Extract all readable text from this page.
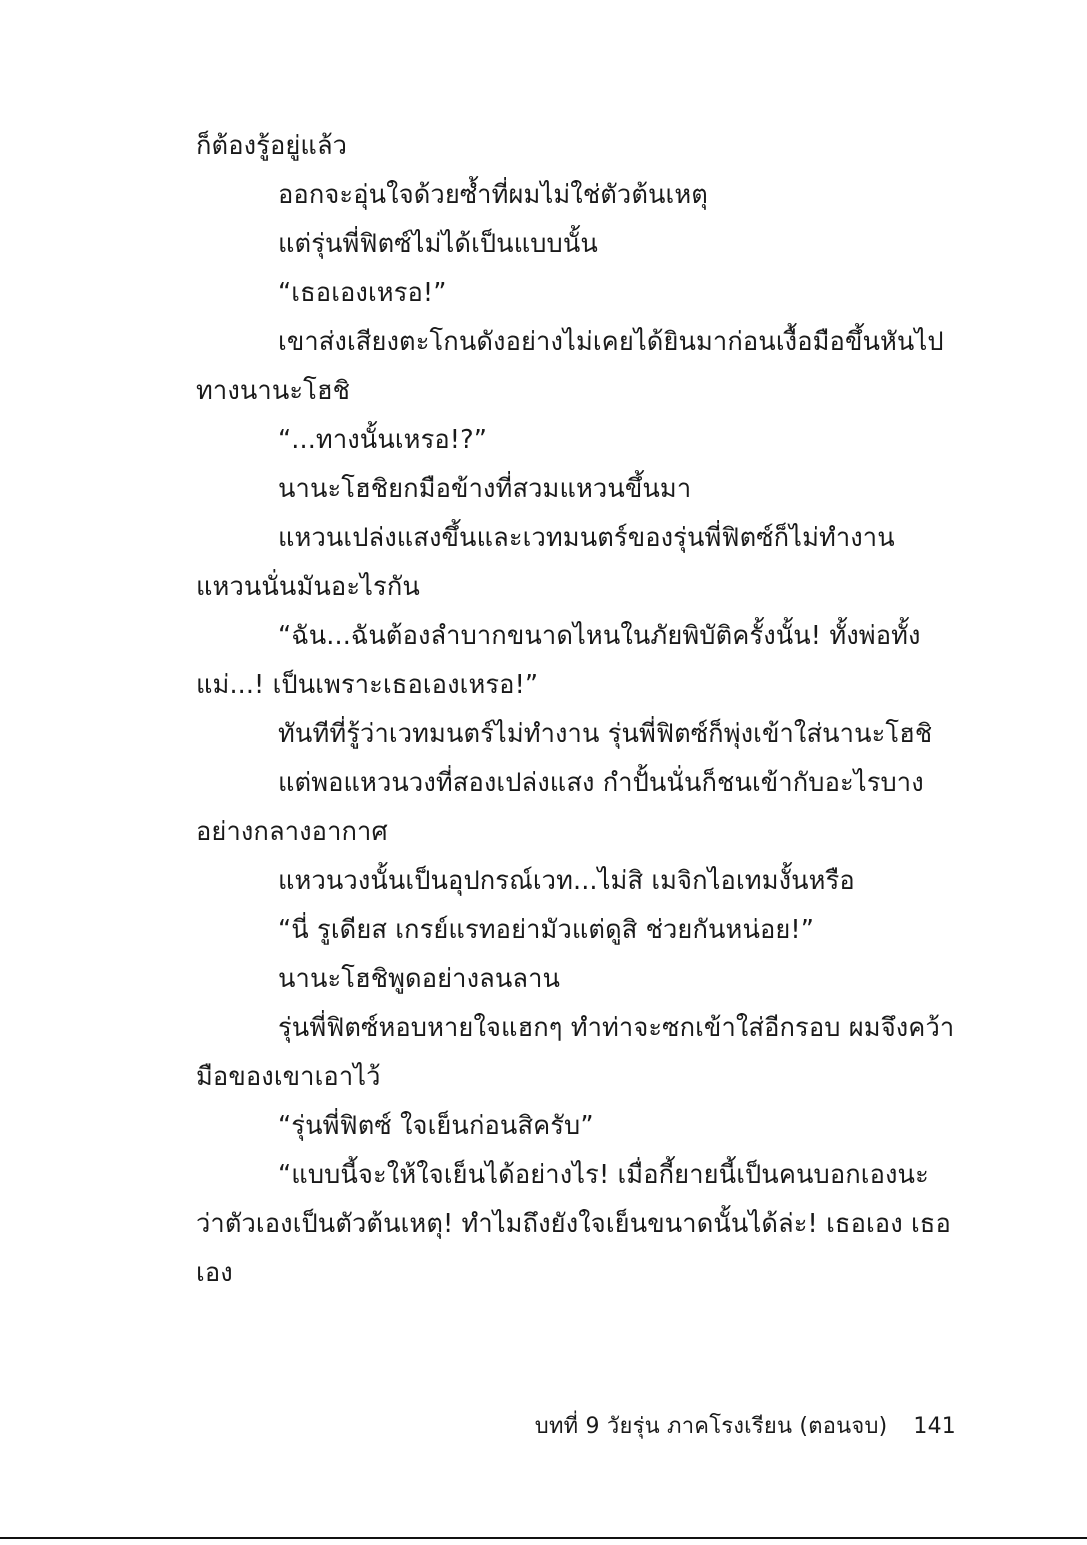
ก็ต้องรู้อยู่แล้ว

ออกจะอุ่นใจด้วยซ้ำที่ผมไม่ใช่ตัวต้นเหตุ

แต่รุ่นพี่ฟิตซ์ไม่ได้เป็นแบบนั้น

“เธอเองเหรอ!”

เขาส่งเสียงตะโกนดังอย่างไม่เคยได้ยินมาก่อนเงื้อมือขึ้นหันไปทางนานะโฮชิ

“...ทางนั้นเหรอ!?”

นานะโฮชิยกมือข้างที่สวมแหวนขึ้นมา

แหวนเปล่งแสงขึ้นและเวทมนตร์ของรุ่นพี่ฟิตซ์ก็ไม่ทำงาน แหวนนั่นมันอะไรกัน

“ฉัน...ฉันต้องลำบากขนาดไหนในภัยพิบัติครั้งนั้น! ทั้งพ่อทั้งแม่...! เป็นเพราะเธอเองเหรอ!”

ทันทีที่รู้ว่าเวทมนตร์ไม่ทำงาน รุ่นพี่ฟิตซ์ก็พุ่งเข้าใส่นานะโฮชิ

แต่พอแหวนวงที่สองเปล่งแสง กำปั้นนั่นก็ชนเข้ากับอะไรบางอย่างกลางอากาศ

แหวนวงนั้นเป็นอุปกรณ์เวท...ไม่สิ เมจิกไอเทมงั้นหรือ

“นี่ รูเดียส เกรย์แรทอย่ามัวแต่ดูสิ ช่วยกันหน่อย!”

นานะโฮชิพูดอย่างลนลาน

รุ่นพี่ฟิตซ์หอบหายใจแฮกๆ ทำท่าจะซกเข้าใส่อีกรอบ ผมจึงคว้ามือของเขาเอาไว้

“รุ่นพี่ฟิตซ์ ใจเย็นก่อนสิครับ”

“แบบนี้จะให้ใจเย็นได้อย่างไร! เมื่อกี้ยายนี้เป็นคนบอกเองนะว่าตัวเองเป็นตัวต้นเหตุ! ทำไมถึงยังใจเย็นขนาดนั้นได้ล่ะ! เธอเอง เธอเอง

บทที่ 9 วัยรุ่น ภาคโรงเรียน (ตอนจบ) 141
